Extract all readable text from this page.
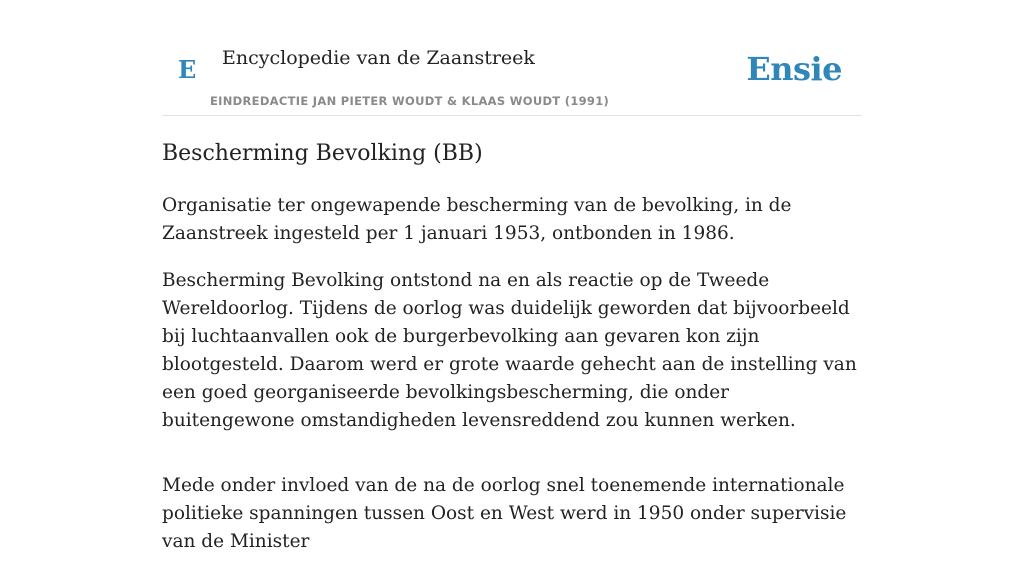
E Encyclopedie van de Zaanstreek
EINDREDACTIE JAN PIETER WOUDT & KLAAS WOUDT (1991)
Ensie
Bescherming Bevolking (BB)

Organisatie ter ongewapende bescherming van de bevolking, in de Zaanstreek ingesteld per 1 januari 1953, ontbonden in 1986.

Bescherming Bevolking ontstond na en als reactie op de Tweede Wereldoorlog. Tijdens de oorlog was duidelijk geworden dat bijvoorbeeld bij luchtaanvallen ook de burgerbevolking aan gevaren kon zijn blootgesteld. Daarom werd er grote waarde gehecht aan de instelling van een goed georganiseerde bevolkingsbescherming, die onder buitengewone omstandigheden levensreddend zou kunnen werken.

Mede onder invloed van de na de oorlog snel toenemende internationale politieke spanningen tussen Oost en West werd in 1950 onder supervisie van de Minister
